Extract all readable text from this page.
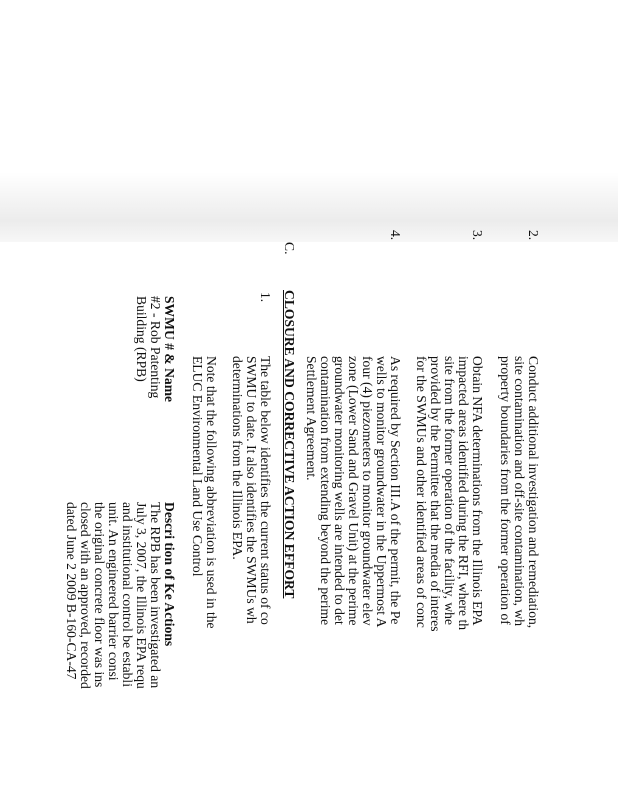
2.
Conduct additional investigation and remediation,
site contamination and off-site contamination, wh
property boundaries from the former operation of
3.
Obtain NFA determinations from the Illinois EPA
impacted areas identified during the RFI, where th
site from the former operation of the facility, whe
provided by the Permittee that the media of interes
for the SWMUs and other identified areas of conc
4.
As required by Section III.A of the permit, the Pe
wells to monitor groundwater in the Uppermost A
four (4) piezometers to monitor groundwater elev
zone (Lower Sand and Gravel Unit) at the perime
groundwater monitoring wells are intended to det
contamination from extending beyond the perime
Settlement Agreement.
C.
CLOSURE AND CORRECTIVE ACTION EFFORT
1.
The table below identifies the current status of co
SWMU to date. It also identifies the SWMUs wh
determinations from the Illinois EPA.
Note that the following abbreviation is used in the
ELUC Environmental Land Use Control
SWMU # & Name
Descri tion of Ke Actions
#2 - Rob Patenting
Building (RPB)
The RPB has been investigated an
July 3, 2007, the Illinois EPA requ
and institutional control be establi
unit. An engineered barrier consi
the original concrete floor was ins
closed with an approved, recorded
dated June 2 2009 B-160-CA-47
